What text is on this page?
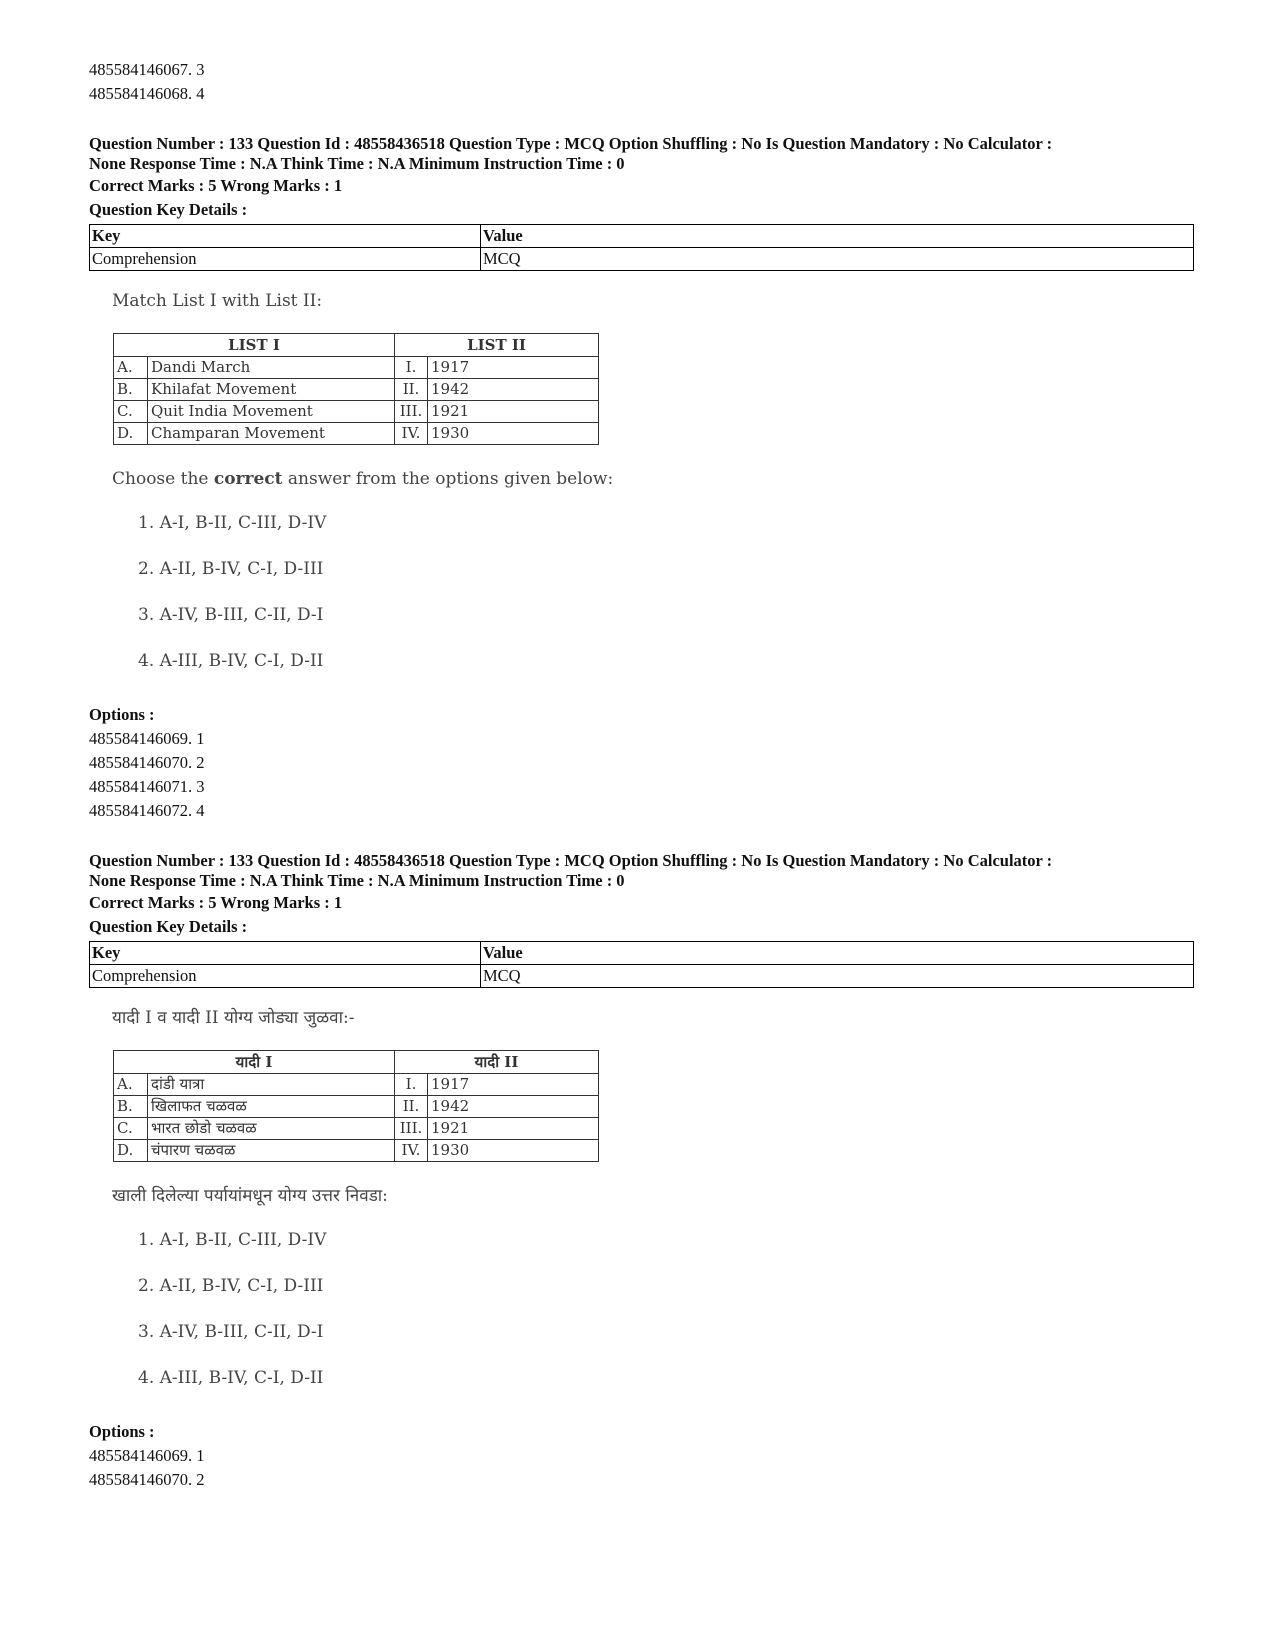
485584146067. 3
485584146068. 4
Question Number : 133 Question Id : 48558436518 Question Type : MCQ Option Shuffling : No Is Question Mandatory : No Calculator :
None Response Time : N.A Think Time : N.A Minimum Instruction Time : 0
Correct Marks : 5 Wrong Marks : 1
Question Key Details :
Key	Value
Comprehension	MCQ
Match List I with List II:
LIST I		LIST II	
A.	Dandi March	I.	1917
B.	Khilafat Movement	II.	1942
C.	Quit India Movement	III.	1921
D.	Champaran Movement	IV.	1930
Choose the correct answer from the options given below:
1. A-I, B-II, C-III, D-IV
2. A-II, B-IV, C-I, D-III
3. A-IV, B-III, C-II, D-I
4. A-III, B-IV, C-I, D-II
Options :
485584146069. 1
485584146070. 2
485584146071. 3
485584146072. 4
Question Number : 133 Question Id : 48558436518 Question Type : MCQ Option Shuffling : No Is Question Mandatory : No Calculator :
None Response Time : N.A Think Time : N.A Minimum Instruction Time : 0
Correct Marks : 5 Wrong Marks : 1
Question Key Details :
Key	Value
Comprehension	MCQ
यादी I व यादी II योग्य जोड्या जुळवा:-
यादी I		यादी II	
A.	दांडी यात्रा	I.	1917
B.	खिलाफत चळवळ	II.	1942
C.	भारत छोडो चळवळ	III.	1921
D.	चंपारण चळवळ	IV.	1930
खाली दिलेल्या पर्यायांमधून योग्य उत्तर निवडा:
1. A-I, B-II, C-III, D-IV
2. A-II, B-IV, C-I, D-III
3. A-IV, B-III, C-II, D-I
4. A-III, B-IV, C-I, D-II
Options :
485584146069. 1
485584146070. 2
